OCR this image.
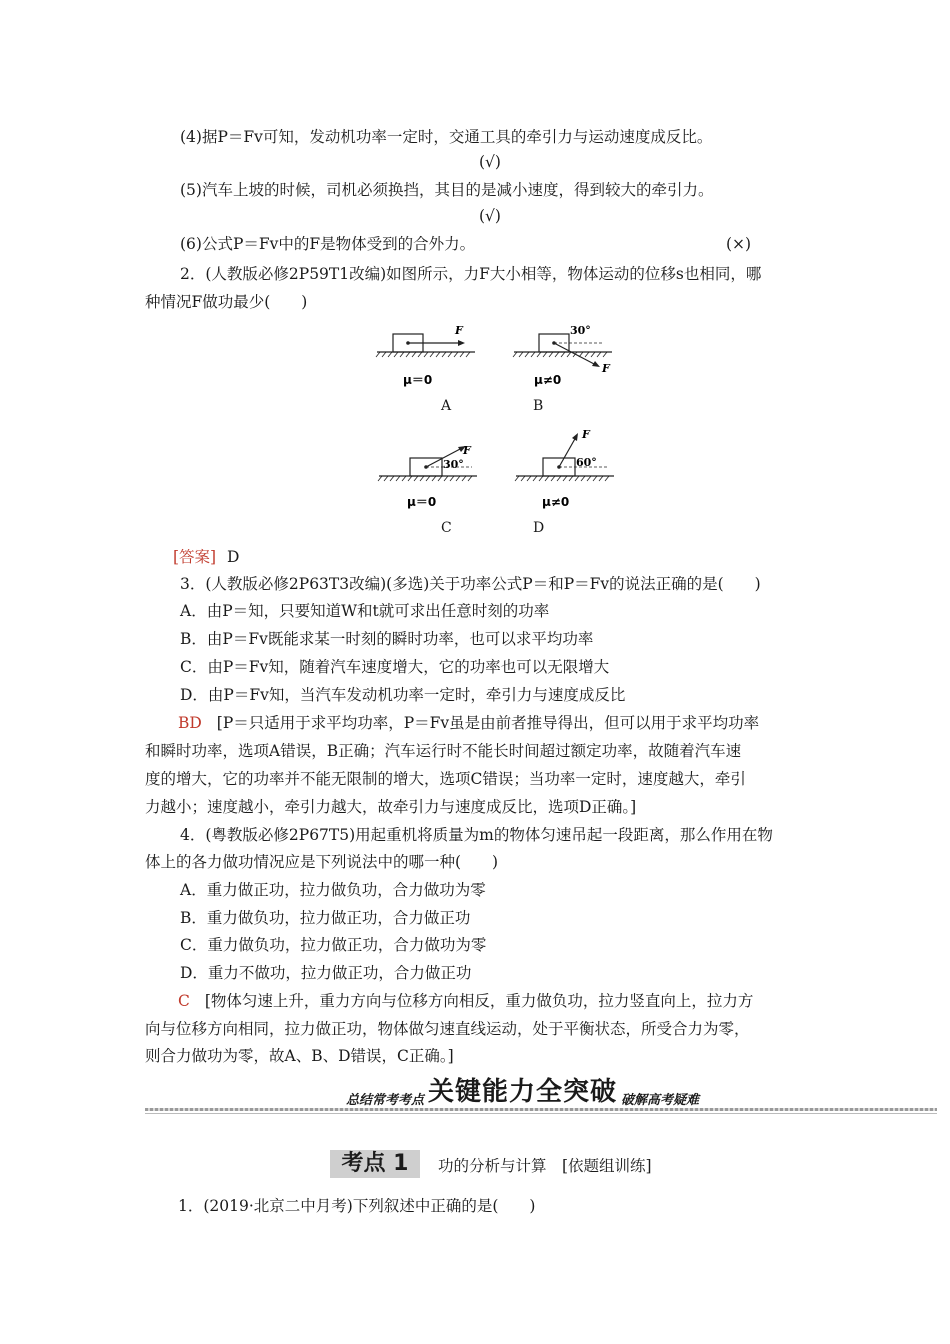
(4)据P＝Fv可知，发动机功率一定时，交通工具的牵引力与运动速度成反比。
(√)
(5)汽车上坡的时候，司机必须换挡，其目的是减小速度，得到较大的牵引力。
(√)
(6)公式P＝Fv中的F是物体受到的合外力。	(×)
2．(人教版必修2P59T1改编)如图所示，力F大小相等，物体运动的位移s也相同，哪
种情况F做功最少(　　)
F
μ＝0
A
30°
F
μ≠0
B
30°
F
μ＝0
C
60°
F
μ≠0
D
[答案] D
3．(人教版必修2P63T3改编)(多选)关于功率公式P＝和P＝Fv的说法正确的是(　　)
A．由P＝知，只要知道W和t就可求出任意时刻的功率
B．由P＝Fv既能求某一时刻的瞬时功率，也可以求平均功率
C．由P＝Fv知，随着汽车速度增大，它的功率也可以无限增大
D．由P＝Fv知，当汽车发动机功率一定时，牵引力与速度成反比
BD [P＝只适用于求平均功率，P＝Fv虽是由前者推导得出，但可以用于求平均功率
和瞬时功率，选项A错误，B正确；汽车运行时不能长时间超过额定功率，故随着汽车速
度的增大，它的功率并不能无限制的增大，选项C错误；当功率一定时，速度越大，牵引
力越小；速度越小，牵引力越大，故牵引力与速度成反比，选项D正确。]
4．(粤教版必修2P67T5)用起重机将质量为m的物体匀速吊起一段距离，那么作用在物
体上的各力做功情况应是下列说法中的哪一种(　　)
A．重力做正功，拉力做负功，合力做功为零
B．重力做负功，拉力做正功，合力做正功
C．重力做负功，拉力做正功，合力做功为零
D．重力不做功，拉力做正功，合力做正功
C [物体匀速上升，重力方向与位移方向相反，重力做负功，拉力竖直向上，拉力方
向与位移方向相同，拉力做正功，物体做匀速直线运动，处于平衡状态，所受合力为零，
则合力做功为零，故A、B、D错误，C正确。]
总结常考考点 关键能力全突破 破解高考疑难
考点 1	功的分析与计算　[依题组训练]
1．(2019·北京二中月考)下列叙述中正确的是(　　)
